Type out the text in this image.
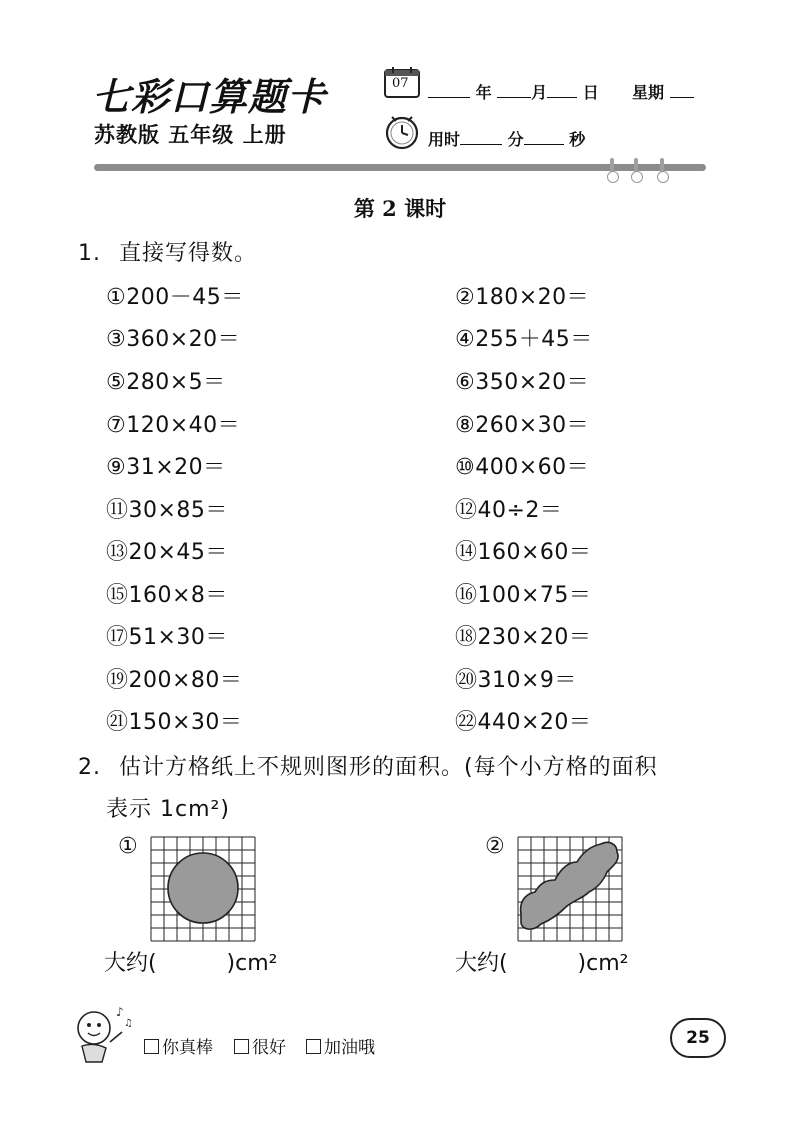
七彩口算题卡
苏教版 五年级 上册
07	年 月 日 星期
用时	分	秒
第 2 课时
1. 直接写得数。
①200－45＝	②180×20＝
③360×20＝	④255＋45＝
⑤280×5＝	⑥350×20＝
⑦120×40＝	⑧260×30＝
⑨31×20＝	⑩400×60＝
⑪30×85＝	⑫40÷2＝
⑬20×45＝	⑭160×60＝
⑮160×8＝	⑯100×75＝
⑰51×30＝	⑱230×20＝
⑲200×80＝	⑳310×9＝
㉑150×30＝	㉒440×20＝
2. 估计方格纸上不规则图形的面积。(每个小方格的面积
表示 1cm²)
①	②
大约(          )cm²	大约(          )cm²
♪
♫
你真棒	很好	加油哦	25
